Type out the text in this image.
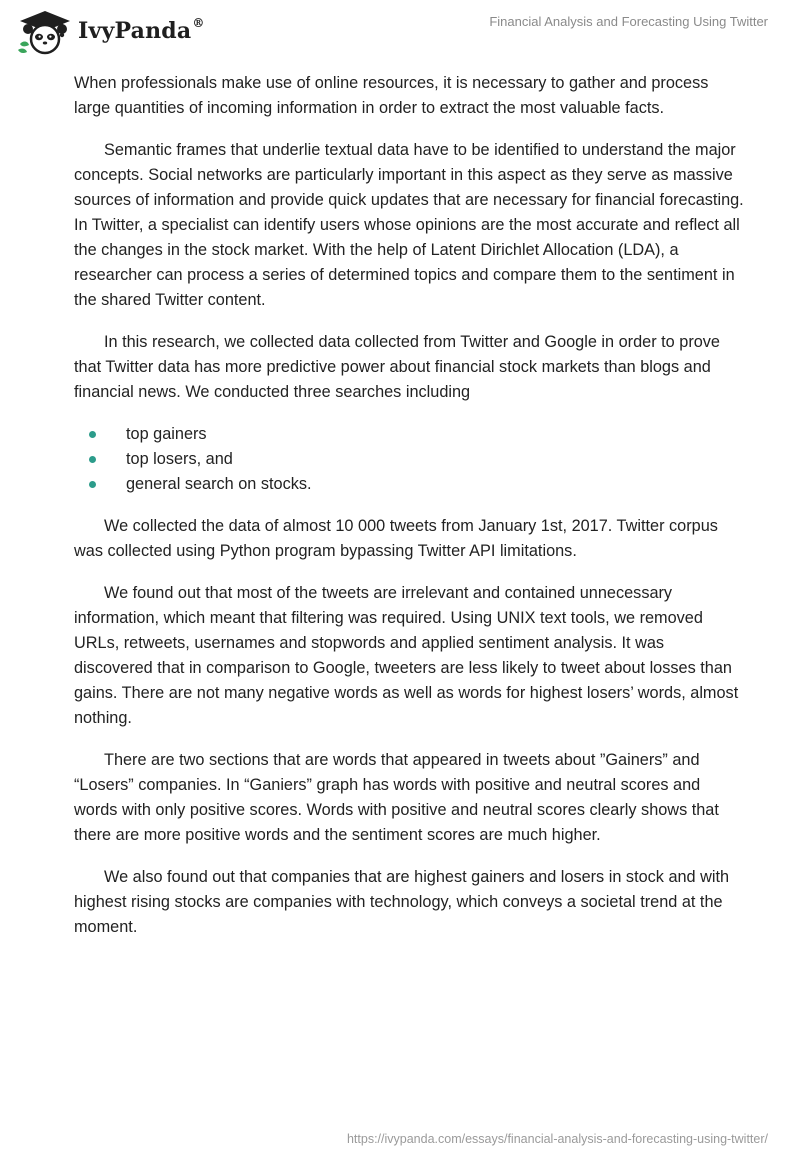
IvyPanda®	Financial Analysis and Forecasting Using Twitter

When professionals make use of online resources, it is necessary to gather and process large quantities of incoming information in order to extract the most valuable facts.

Semantic frames that underlie textual data have to be identified to understand the major concepts. Social networks are particularly important in this aspect as they serve as massive sources of information and provide quick updates that are necessary for financial forecasting. In Twitter, a specialist can identify users whose opinions are the most accurate and reflect all the changes in the stock market. With the help of Latent Dirichlet Allocation (LDA), a researcher can process a series of determined topics and compare them to the sentiment in the shared Twitter content.

In this research, we collected data collected from Twitter and Google in order to prove that Twitter data has more predictive power about financial stock markets than blogs and financial news. We conducted three searches including

top gainers
top losers, and
general search on stocks.

We collected the data of almost 10 000 tweets from January 1st, 2017. Twitter corpus was collected using Python program bypassing Twitter API limitations.

We found out that most of the tweets are irrelevant and contained unnecessary information, which meant that filtering was required. Using UNIX text tools, we removed URLs, retweets, usernames and stopwords and applied sentiment analysis. It was discovered that in comparison to Google, tweeters are less likely to tweet about losses than gains. There are not many negative words as well as words for highest losers’ words, almost nothing.

There are two sections that are words that appeared in tweets about ”Gainers” and “Losers” companies. In “Ganiers” graph has words with positive and neutral scores and words with only positive scores. Words with positive and neutral scores clearly shows that there are more positive words and the sentiment scores are much higher.

We also found out that companies that are highest gainers and losers in stock and with highest rising stocks are companies with technology, which conveys a societal trend at the moment.

https://ivypanda.com/essays/financial-analysis-and-forecasting-using-twitter/
